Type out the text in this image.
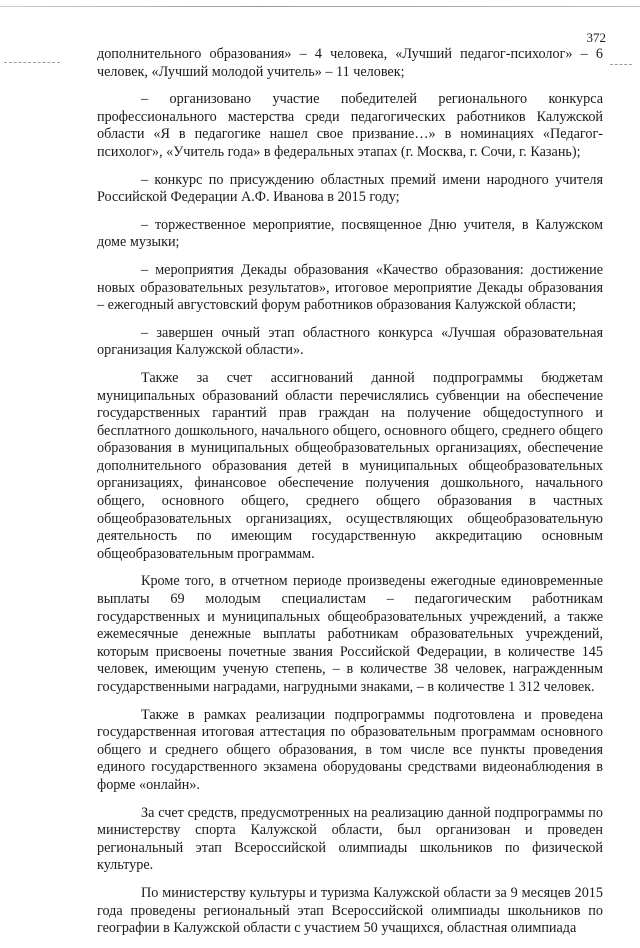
372

дополнительного образования» – 4 человека, «Лучший педагог-психолог» – 6 человек, «Лучший молодой учитель» – 11 человек;

– организовано участие победителей регионального конкурса профессионального мастерства среди педагогических работников Калужской области «Я в педагогике нашел свое призвание…» в номинациях «Педагог-психолог», «Учитель года» в федеральных этапах (г. Москва, г. Сочи, г. Казань);

– конкурс по присуждению областных премий имени народного учителя Российской Федерации А.Ф. Иванова в 2015 году;

– торжественное мероприятие, посвященное Дню учителя, в Калужском доме музыки;

– мероприятия Декады образования «Качество образования: достижение новых образовательных результатов», итоговое мероприятие Декады образования – ежегодный августовский форум работников образования Калужской области;

– завершен очный этап областного конкурса «Лучшая образовательная организация Калужской области».

Также за счет ассигнований данной подпрограммы бюджетам муниципальных образований области перечислялись субвенции на обеспечение государственных гарантий прав граждан на получение общедоступного и бесплатного дошкольного, начального общего, основного общего, среднего общего образования в муниципальных общеобразовательных организациях, обеспечение дополнительного образования детей в муниципальных общеобразовательных организациях, финансовое обеспечение получения дошкольного, начального общего, основного общего, среднего общего образования в частных общеобразовательных организациях, осуществляющих общеобразовательную деятельность по имеющим государственную аккредитацию основным общеобразовательным программам.

Кроме того, в отчетном периоде произведены ежегодные единовременные выплаты 69 молодым специалистам – педагогическим работникам государственных и муниципальных общеобразовательных учреждений, а также ежемесячные денежные выплаты работникам образовательных учреждений, которым присвоены почетные звания Российской Федерации, в количестве 145 человек, имеющим ученую степень, – в количестве 38 человек, награжденным государственными наградами, нагрудными знаками, – в количестве 1 312 человек.

Также в рамках реализации подпрограммы подготовлена и проведена государственная итоговая аттестация по образовательным программам основного общего и среднего общего образования, в том числе все пункты проведения единого государственного экзамена оборудованы средствами видеонаблюдения в форме «онлайн».

За счет средств, предусмотренных на реализацию данной подпрограммы по министерству спорта Калужской области, был организован и проведен региональный этап Всероссийской олимпиады школьников по физической культуре.

По министерству культуры и туризма Калужской области за 9 месяцев 2015 года проведены региональный этап Всероссийской олимпиады школьников по географии в Калужской области с участием 50 учащихся, областная олимпиада
